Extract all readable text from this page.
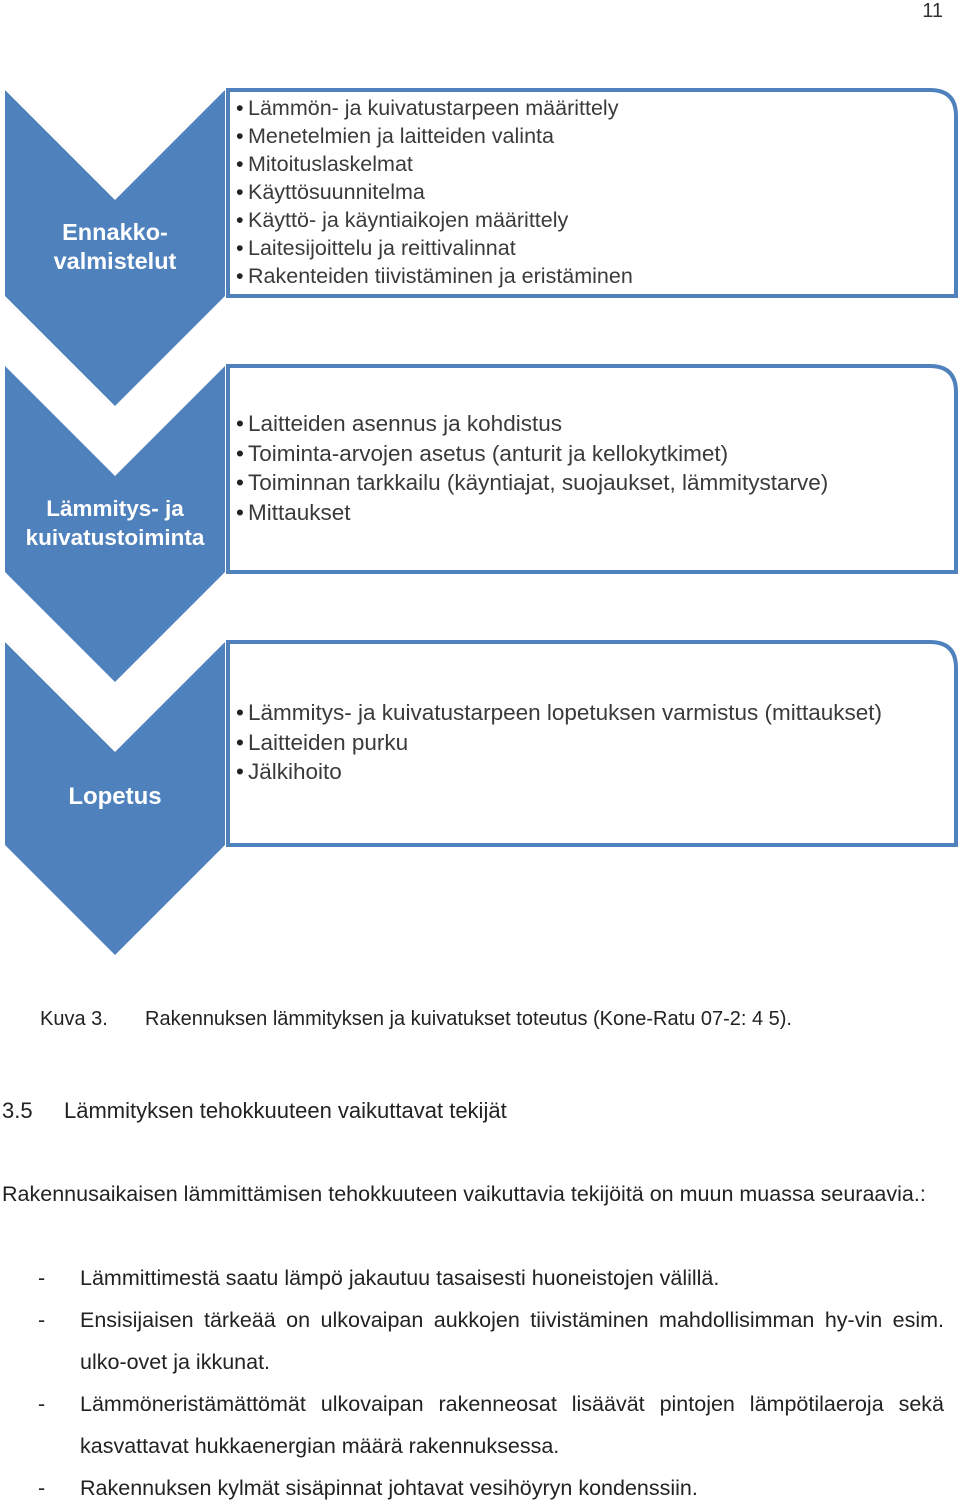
11
Ennakko-
valmistelut
Lämmitys- ja
kuivatustoiminta
Lopetus
• Lämmön- ja kuivatustarpeen määrittely
• Menetelmien ja laitteiden valinta
• Mitoituslaskelmat
• Käyttösuunnitelma
• Käyttö- ja käyntiaikojen määrittely
• Laitesijoittelu ja reittivalinnat
• Rakenteiden tiivistäminen ja eristäminen
• Laitteiden asennus ja kohdistus
• Toiminta-arvojen asetus (anturit ja kellokytkimet)
• Toiminnan tarkkailu (käyntiajat, suojaukset, lämmitystarve)
• Mittaukset
• Lämmitys- ja kuivatustarpeen lopetuksen varmistus (mittaukset)
• Laitteiden purku
• Jälkihoito
Kuva 3. Rakennuksen lämmityksen ja kuivatukset toteutus (Kone-Ratu 07-2: 4 5).
3.5 Lämmityksen tehokkuuteen vaikuttavat tekijät
Rakennusaikaisen lämmittämisen tehokkuuteen vaikuttavia tekijöitä on muun muassa seuraavia.:
- Lämmittimestä saatu lämpö jakautuu tasaisesti huoneistojen välillä.
- Ensisijaisen tärkeää on ulkovaipan aukkojen tiivistäminen mahdollisimman hy-vin esim. ulko-ovet ja ikkunat.
- Lämmöneristämättömät ulkovaipan rakenneosat lisäävät pintojen lämpötilaeroja sekä kasvattavat hukkaenergian määrä rakennuksessa.
- Rakennuksen kylmät sisäpinnat johtavat vesihöyryn kondenssiin.
